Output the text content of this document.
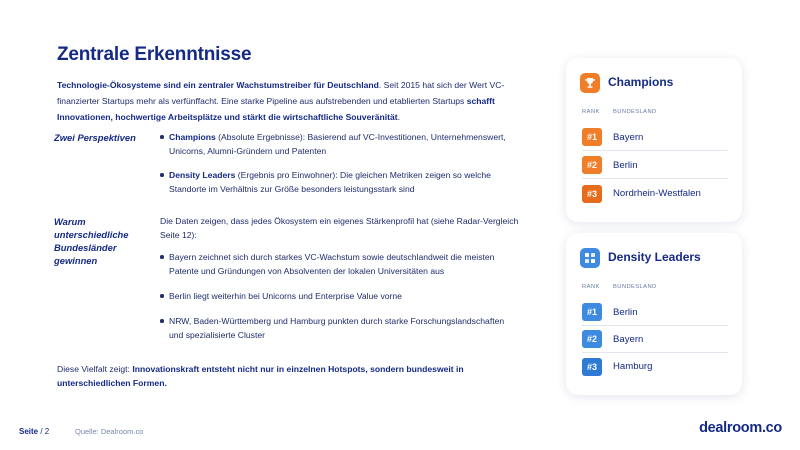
Zentrale Erkenntnisse

Technologie-Ökosysteme sind ein zentraler Wachstumstreiber für Deutschland. Seit 2015 hat sich der Wert VC-finanzierter Startups mehr als verfünffacht. Eine starke Pipeline aus aufstrebenden und etablierten Startups schafft Innovationen, hochwertige Arbeitsplätze und stärkt die wirtschaftliche Souveränität.

Zwei Perspektiven	Champions (Absolute Ergebnisse): Basierend auf VC-Investitionen, Unternehmenswert, Unicorns, Alumni-Gründern und Patenten
Density Leaders (Ergebnis pro Einwohner): Die gleichen Metriken zeigen so welche Standorte im Verhältnis zur Größe besonders leistungsstark sind
Warum unterschiedliche Bundesländer gewinnen

Die Daten zeigen, dass jedes Ökosystem ein eigenes Stärkenprofil hat (siehe Radar-Vergleich Seite 12):

Bayern zeichnet sich durch starkes VC-Wachstum sowie deutschlandweit die meisten Patente und Gründungen von Absolventen der lokalen Universitäten aus
Berlin liegt weiterhin bei Unicorns und Enterprise Value vorne
NRW, Baden-Württemberg und Hamburg punkten durch starke Forschungslandschaften und spezialisierte Cluster

Diese Vielfalt zeigt: Innovationskraft entsteht nicht nur in einzelnen Hotspots, sondern bundesweit in unterschiedlichen Formen.

Champions
RANK BUNDESLAND
#1	Bayern
#2	Berlin
#3	Nordrhein-Westfalen
Density Leaders
RANK BUNDESLAND
#1	Berlin
#2	Bayern
#3	Hamburg
Seite / 2	Quelle: Dealroom.co	dealroom.co
